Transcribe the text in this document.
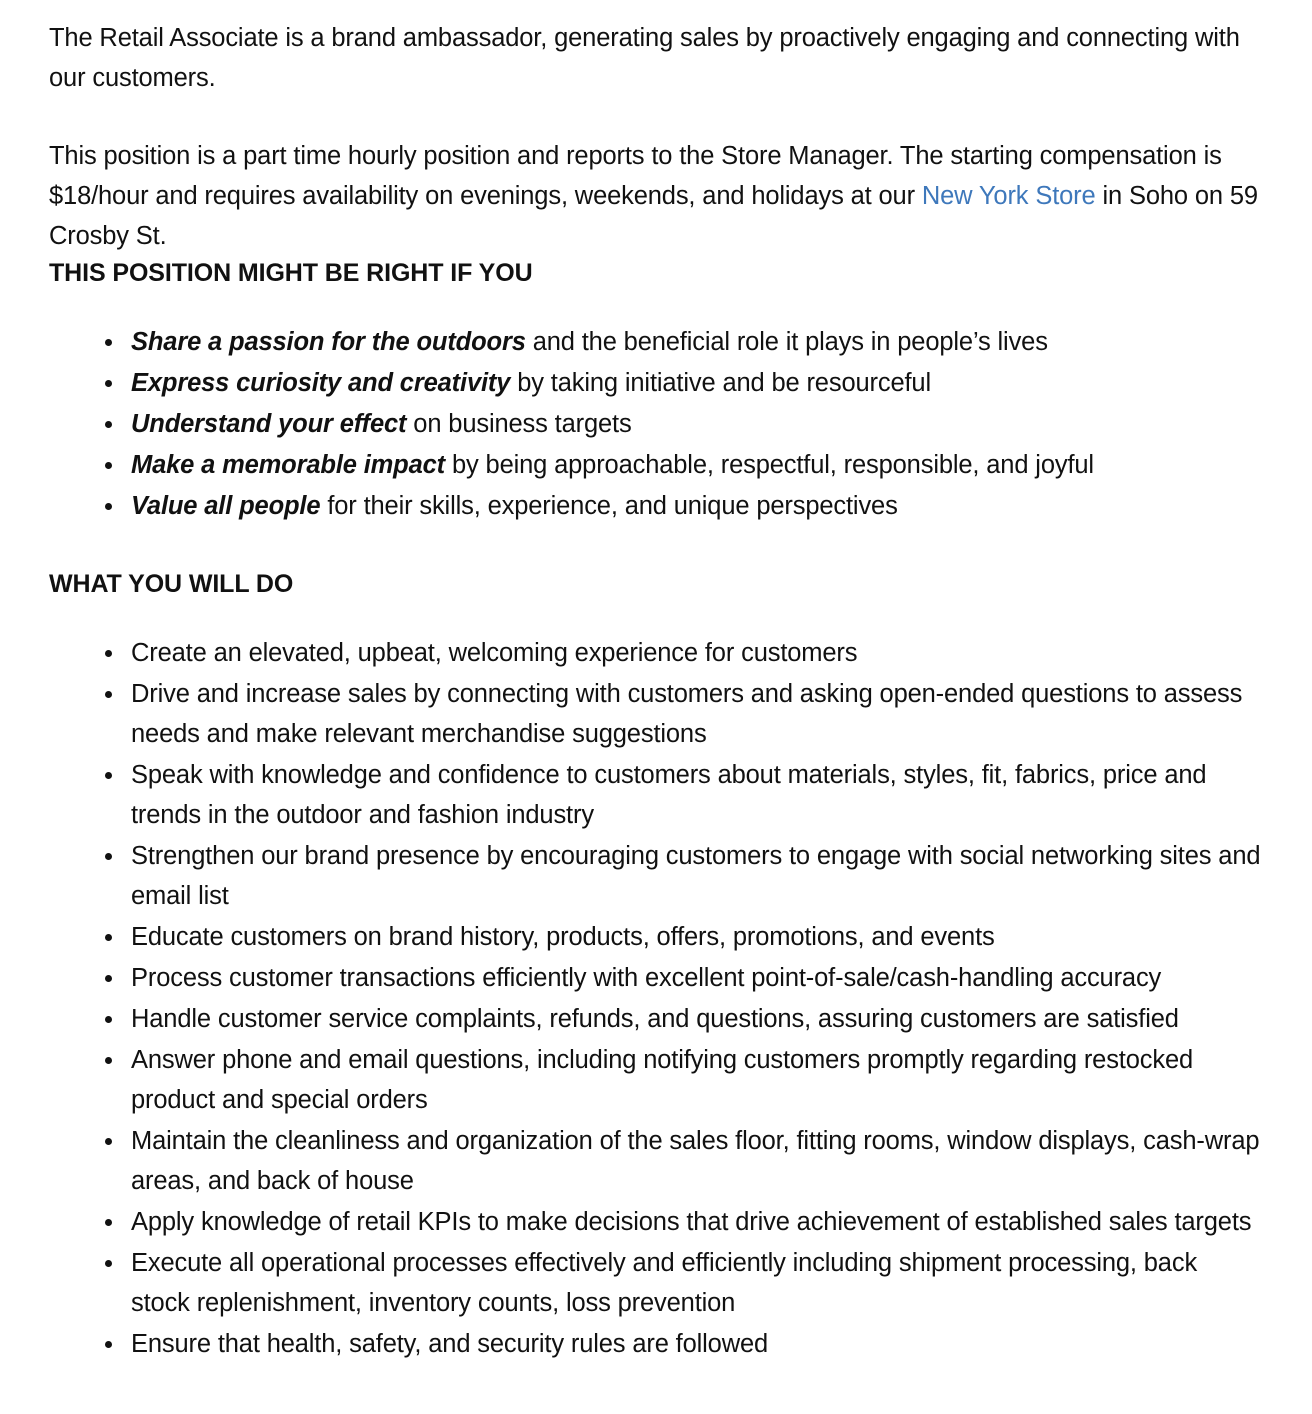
The Retail Associate is a brand ambassador, generating sales by proactively engaging and connecting with our customers.

This position is a part time hourly position and reports to the Store Manager. The starting compensation is $18/hour and requires availability on evenings, weekends, and holidays at our New York Store in Soho on 59 Crosby St.

THIS POSITION MIGHT BE RIGHT IF YOU
Share a passion for the outdoors and the beneficial role it plays in people’s lives
Express curiosity and creativity by taking initiative and be resourceful
Understand your effect on business targets
Make a memorable impact by being approachable, respectful, responsible, and joyful
Value all people for their skills, experience, and unique perspectives
WHAT YOU WILL DO
Create an elevated, upbeat, welcoming experience for customers
Drive and increase sales by connecting with customers and asking open-ended questions to assess needs and make relevant merchandise suggestions
Speak with knowledge and confidence to customers about materials, styles, fit, fabrics, price and trends in the outdoor and fashion industry
Strengthen our brand presence by encouraging customers to engage with social networking sites and email list
Educate customers on brand history, products, offers, promotions, and events
Process customer transactions efficiently with excellent point-of-sale/cash-handling accuracy
Handle customer service complaints, refunds, and questions, assuring customers are satisfied
Answer phone and email questions, including notifying customers promptly regarding restocked product and special orders
Maintain the cleanliness and organization of the sales floor, fitting rooms, window displays, cash-wrap areas, and back of house
Apply knowledge of retail KPIs to make decisions that drive achievement of established sales targets
Execute all operational processes effectively and efficiently including shipment processing, back stock replenishment, inventory counts, loss prevention
Ensure that health, safety, and security rules are followed
